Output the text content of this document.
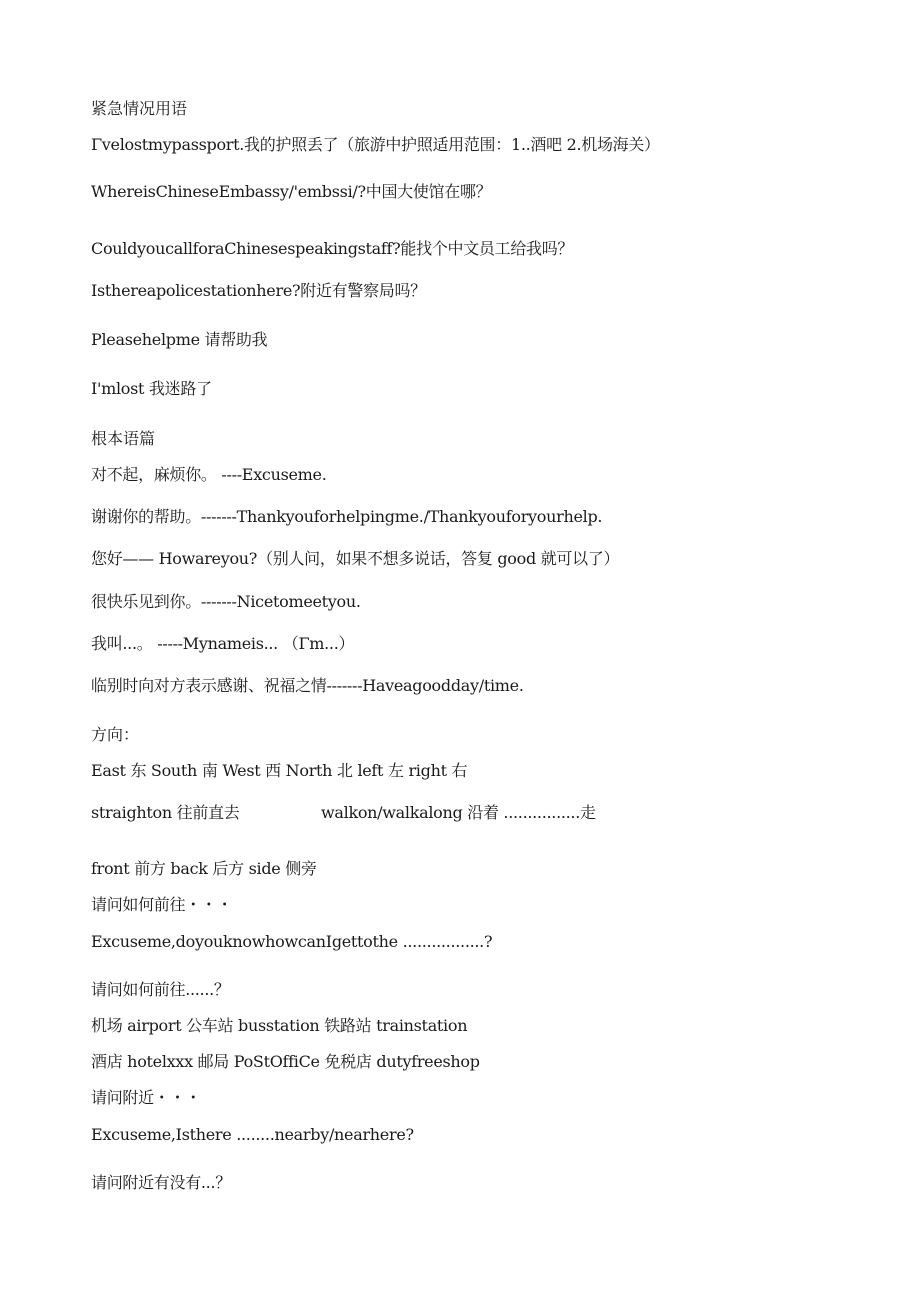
紧急情况用语
Γvelostmypassport.我的护照丢了（旅游中护照适用范围：1..酒吧 2.机场海关）
WhereisChineseEmbassy/'embssi/?中国大使馆在哪？
CouldyoucallforaChinesespeakingstaff?能找个中文员工给我吗？
Isthereapolicestationhere?附近有警察局吗？
Pleasehelpme 请帮助我
I'mlost 我迷路了
根本语篇
对不起，麻烦你。 ----Excuseme.
谢谢你的帮助。-------Thankyouforhelpingme./Thankyouforyourhelp.
您好—— Howareyou?（别人问，如果不想多说话，答复 good 就可以了）
很快乐见到你。-------Nicetomeetyou.
我叫...。 -----Mynameis... （Γm...）
临别时向对方表示感谢、祝福之情-------Haveagoodday/time.
方向：
East 东 South 南 West 西 North 北 left 左 right 右
straighton 往前直去	walkon/walkalong 沿着 ................走
front 前方 back 后方 side 侧旁
请问如何前往・・・
Excuseme,doyouknowhowcanIgettothe .................?
请问如何前往......？
机场 airport 公车站 busstation 铁路站 trainstation
酒店 hotelxxx 邮局 PoStOffiCe 免税店 dutyfreeshop
请问附近・・・
Excuseme,Isthere ........nearby/nearhere?
请问附近有没有...？
